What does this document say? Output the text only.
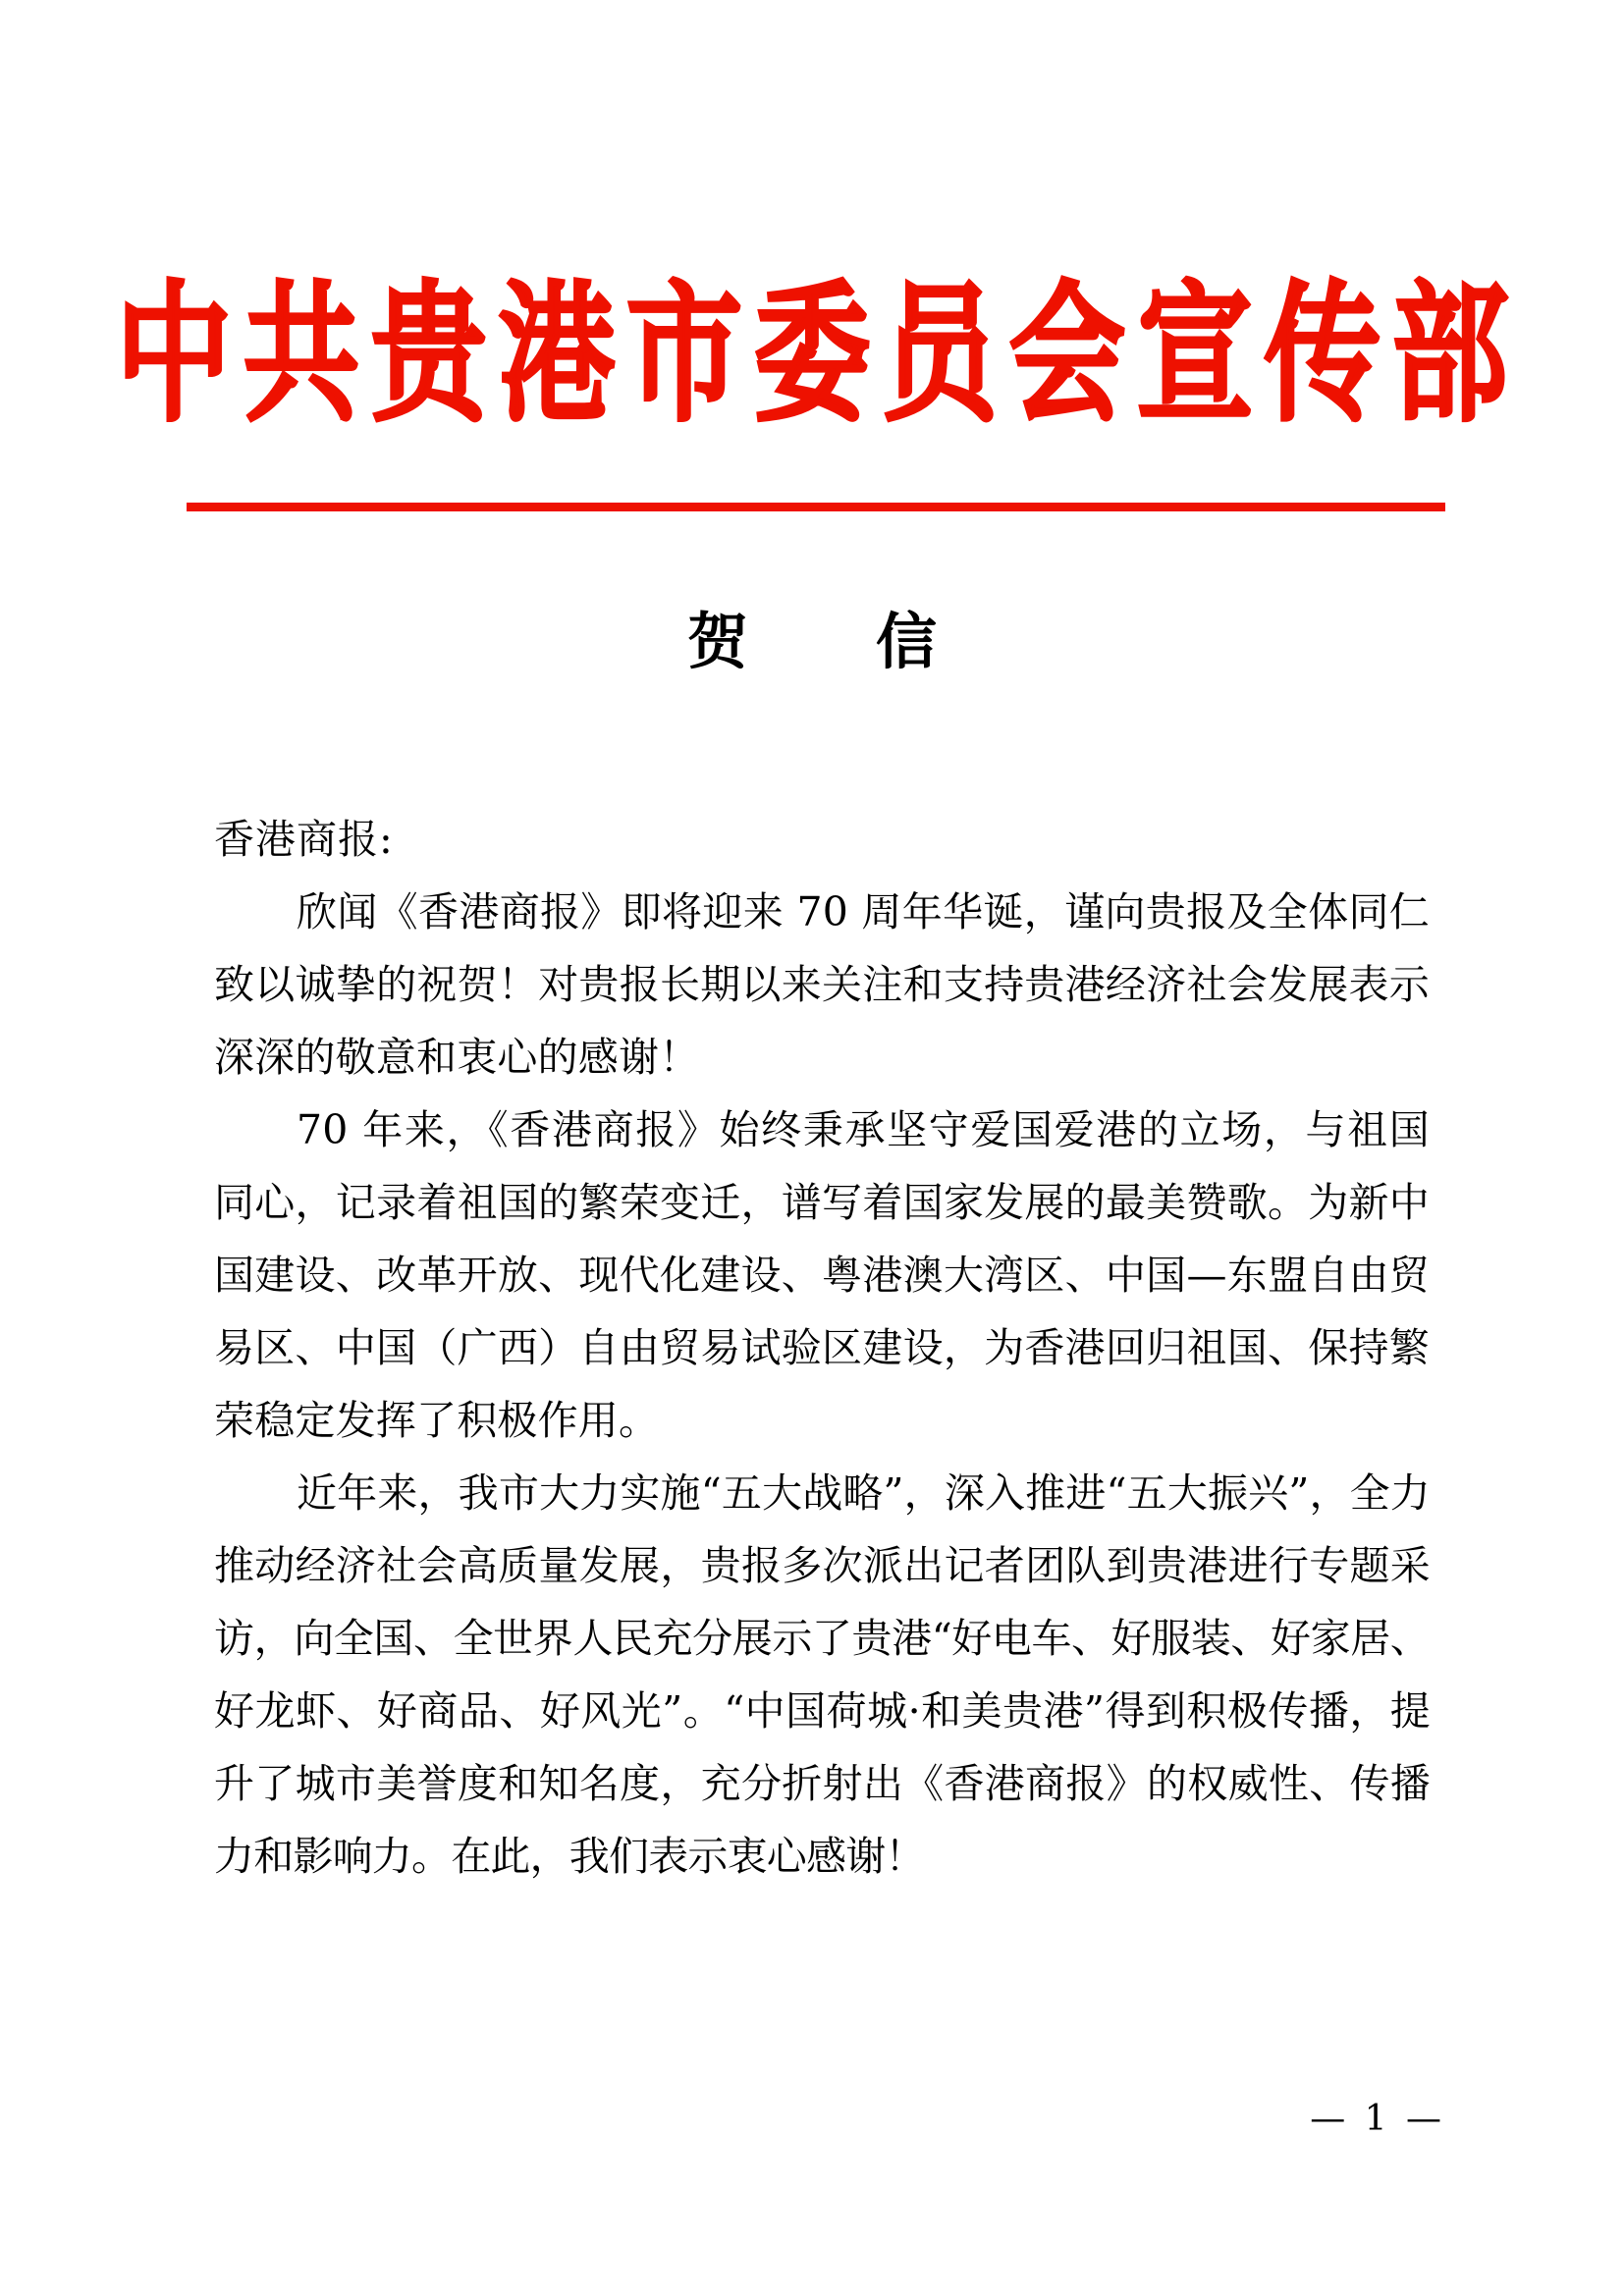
中共贵港市委员会宣传部
贺　信
香港商报:

欣闻《香港商报》即将迎来 70 周年华诞，谨向贵报及全体同仁致以诚挚的祝贺！对贵报长期以来关注和支持贵港经济社会发展表示深深的敬意和衷心的感谢！

70 年来，《香港商报》始终秉承坚守爱国爱港的立场，与祖国同心，记录着祖国的繁荣变迁，谱写着国家发展的最美赞歌。为新中国建设、改革开放、现代化建设、粤港澳大湾区、中国—东盟自由贸易区、中国（广西）自由贸易试验区建设，为香港回归祖国、保持繁荣稳定发挥了积极作用。

近年来，我市大力实施“五大战略”，深入推进“五大振兴”，全力推动经济社会高质量发展，贵报多次派出记者团队到贵港进行专题采访，向全国、全世界人民充分展示了贵港“好电车、好服装、好家居、好龙虾、好商品、好风光”。“中国荷城·和美贵港”得到积极传播，提升了城市美誉度和知名度，充分折射出《香港商报》的权威性、传播力和影响力。在此，我们表示衷心感谢！

— 1 —
